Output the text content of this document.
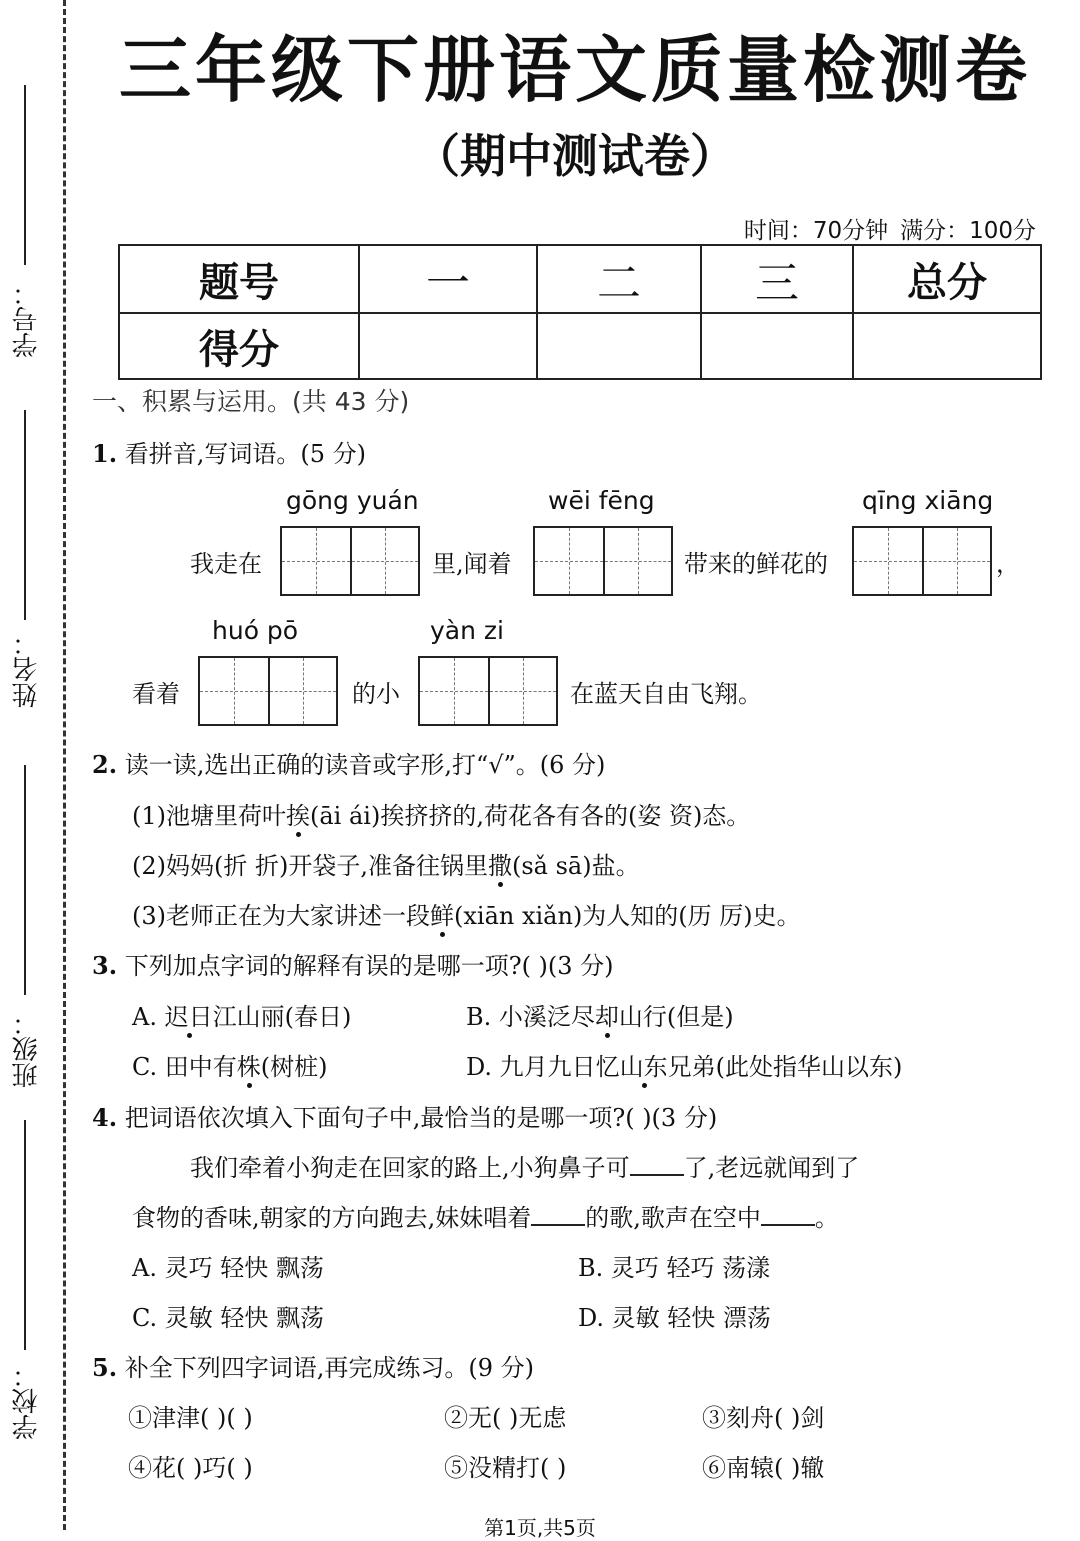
学号：
姓名：
班级：
学校：
三年级下册语文质量检测卷
（期中测试卷）
时间：70分钟 满分：100分
题号	一	二	三	总分
得分				
一、积累与运用。(共 43 分)
1. 看拼音,写词语。(5 分)
gōng yuán	wēi fēng	qīng xiāng
我走在	里,闻着	带来的鲜花的	，
huó pō	yàn zi
看着	的小	在蓝天自由飞翔。
2. 读一读,选出正确的读音或字形,打“√”。(6 分)
(1)池塘里荷叶挨(āi ái)挨挤挤的,荷花各有各的(姿 资)态。
(2)妈妈(折 折)开袋子,准备往锅里撒(sǎ sā)盐。
(3)老师正在为大家讲述一段鲜(xiān xiǎn)为人知的(历 厉)史。
3. 下列加点字词的解释有误的是哪一项?( )(3 分)
A. 迟日江山丽(春日)	B. 小溪泛尽却山行(但是)
C. 田中有株(树桩)	D. 九月九日忆山东兄弟(此处指华山以东)
4. 把词语依次填入下面句子中,最恰当的是哪一项?( )(3 分)
我们牵着小狗走在回家的路上,小狗鼻子可 了,老远就闻到了
食物的香味,朝家的方向跑去,妹妹唱着 的歌,歌声在空中 。
A. 灵巧 轻快 飘荡	B. 灵巧 轻巧 荡漾
C. 灵敏 轻快 飘荡	D. 灵敏 轻快 漂荡
5. 补全下列四字词语,再完成练习。(9 分)
①津津( )( )	②无( )无虑	③刻舟( )剑
④花( )巧( )	⑤没精打( )	⑥南辕( )辙
第1页,共5页
